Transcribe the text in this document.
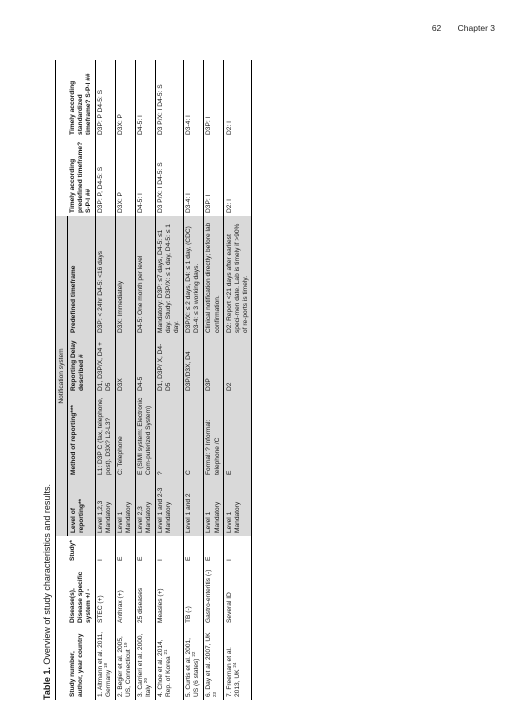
62 Chapter 3
Table 1. Overview of study characteristics and results.
			Notification system					
Study number, author, year country	Disease(s), Disease specific system +/ -	Study*	Level of reporting**	Method of reporting***	Reporting Delay described #	Predefined timeframe	Timely according predefined timeframe? S-P-I ##	Timely according standardized timeframe? S-P-I ##
1. Altmann et al. 2011, Germany $^{18}$	STEC (+)	I	Level 1,2,3 Mandatory	L1: D3P C (fax, telephone, post). D3X? L2-L3?	D1, D3P/X, D4 + D5	D3P: < 24hr D4-5: <16 days	D3P: P, D4-5: S	D3P: P D4-5: S
2. Begier et al. 2005, US, Connecticut $^{19}$	Anthrax (+)	E	Level 1 Mandatory	C: Telephone	D3X	D3X: Immediately	D3X: P	D3X: P
3. Carrieri et al. 2000, Italy $^{20}$	25 diseases	E	Level 2,3 Mandatory	E (SIMI system: Electronic Com-puterized System)	D4-5	D4-5: One month per level	D4-5: I	D4-5: I
4. Choe et al. 2014, Rep. of Korea $^{21}$	Measles (+)	I	Level 1 and 2-3 Mandatory	?	D1, D3P/ X, D4-D5	Mandatory: D3P: ≤7 days, D4-5: ≤1 day. Study: D3P/X: ≤ 1 day, D4-5: ≤ 1 day.	D3 P/X: I D4-5: S	D3 P/X: I D4-5: S
5. Curtis et al. 2001, US (6 states) $^{22}$	TB (-)	E	Level 1 and 2	C	D3P/D3X, D4	D3P/X: ≤ 2 days, D4: ≤ 1 day, (CDC) D3-4: ≤ 3 working days.	D3-4: I	D3-4: I
6. Day et al. 2007, UK $^{23}$	Gastro-enteritis (-)	E	Level 1 Mandatory	Formal: ? Informal: telephone /C	D3P	Clinical notification directly; before lab confirmation.	D3P: I	D3P: I
7. Freeman et al. 2013, UK $^{24}$	Several ID	I	Level 1 Mandatory	E	D2	D2: Report <21 days after earliest speci-men date. Lab is timely if >90% of re-ports is timely.	D2: I	D2: I
